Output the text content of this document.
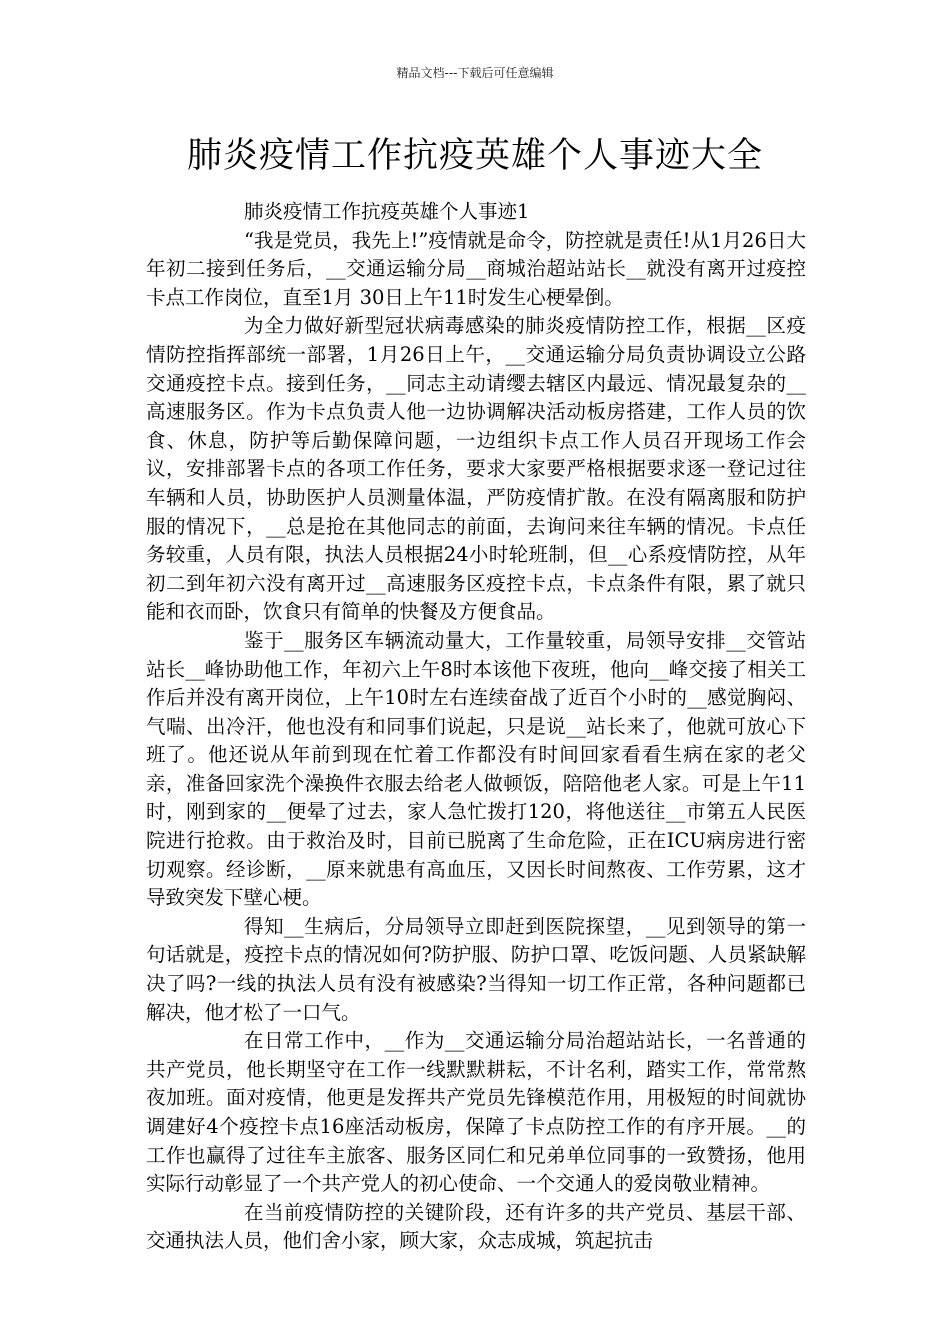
精品文档---下载后可任意编辑
肺炎疫情工作抗疫英雄个人事迹大全
肺炎疫情工作抗疫英雄个人事迹1

“我是党员，我先上!”疫情就是命令，防控就是责任!从1月26日大年初二接到任务后，__交通运输分局__商城治超站站长__就没有离开过疫控卡点工作岗位，直至1月 30日上午11时发生心梗晕倒。

为全力做好新型冠状病毒感染的肺炎疫情防控工作，根据__区疫情防控指挥部统一部署，1月26日上午，__交通运输分局负责协调设立公路交通疫控卡点。接到任务，__同志主动请缨去辖区内最远、情况最复杂的__高速服务区。作为卡点负责人他一边协调解决活动板房搭建，工作人员的饮食、休息，防护等后勤保障问题，一边组织卡点工作人员召开现场工作会议，安排部署卡点的各项工作任务，要求大家要严格根据要求逐一登记过往车辆和人员，协助医护人员测量体温，严防疫情扩散。在没有隔离服和防护服的情况下，__总是抢在其他同志的前面，去询问来往车辆的情况。卡点任务较重，人员有限，执法人员根据24小时轮班制，但__心系疫情防控，从年初二到年初六没有离开过__高速服务区疫控卡点，卡点条件有限，累了就只能和衣而卧，饮食只有简单的快餐及方便食品。

鉴于__服务区车辆流动量大，工作量较重，局领导安排__交管站站长__峰协助他工作，年初六上午8时本该他下夜班，他向__峰交接了相关工作后并没有离开岗位，上午10时左右连续奋战了近百个小时的__感觉胸闷、气喘、出冷汗，他也没有和同事们说起，只是说__站长来了，他就可放心下班了。他还说从年前到现在忙着工作都没有时间回家看看生病在家的老父亲，准备回家洗个澡换件衣服去给老人做顿饭，陪陪他老人家。可是上午11时，刚到家的__便晕了过去，家人急忙拨打120，将他送往__市第五人民医院进行抢救。由于救治及时，目前已脱离了生命危险，正在ICU病房进行密切观察。经诊断，__原来就患有高血压，又因长时间熬夜、工作劳累，这才导致突发下壁心梗。

得知__生病后，分局领导立即赶到医院探望，__见到领导的第一句话就是，疫控卡点的情况如何?防护服、防护口罩、吃饭问题、人员紧缺解决了吗?一线的执法人员有没有被感染?当得知一切工作正常，各种问题都已解决，他才松了一口气。

在日常工作中，__作为__交通运输分局治超站站长，一名普通的共产党员，他长期坚守在工作一线默默耕耘，不计名利，踏实工作，常常熬夜加班。面对疫情，他更是发挥共产党员先锋模范作用，用极短的时间就协调建好4个疫控卡点16座活动板房，保障了卡点防控工作的有序开展。__的工作也赢得了过往车主旅客、服务区同仁和兄弟单位同事的一致赞扬，他用实际行动彰显了一个共产党人的初心使命、一个交通人的爱岗敬业精神。

在当前疫情防控的关键阶段，还有许多的共产党员、基层干部、交通执法人员，他们舍小家，顾大家，众志成城，筑起抗击
